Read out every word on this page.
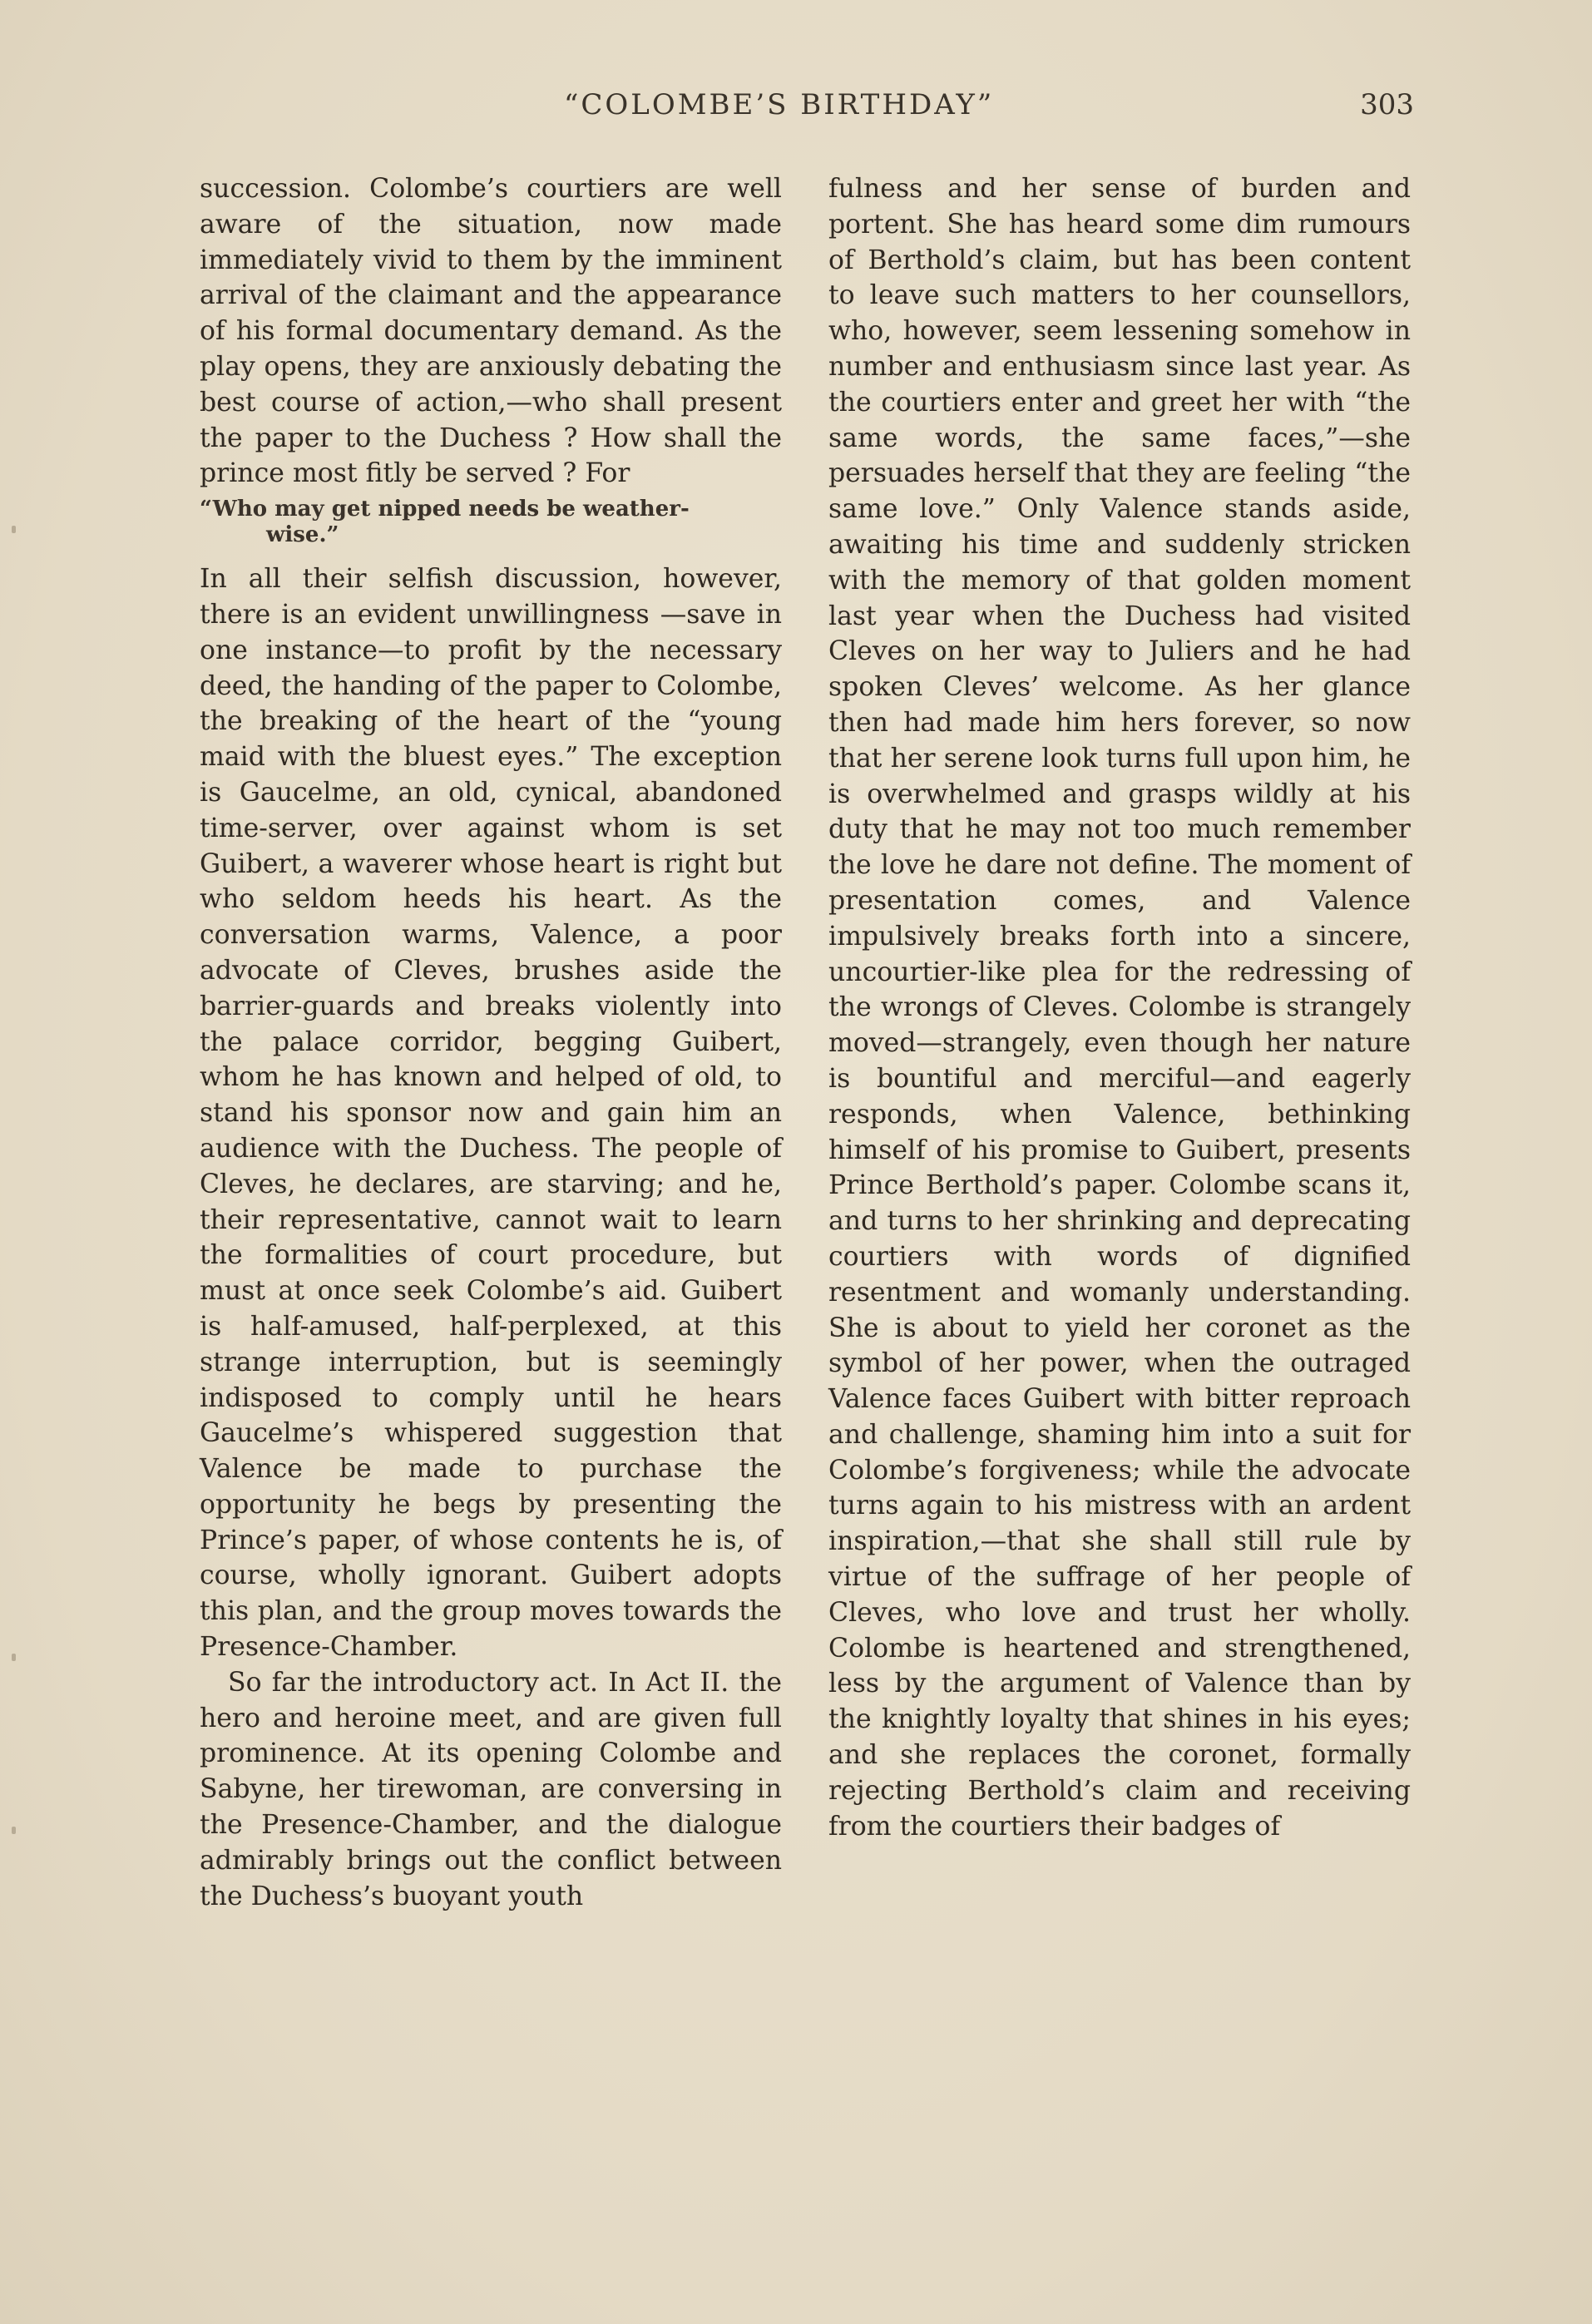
“COLOMBE’S BIRTHDAY”	303

succession. Colombe’s courtiers are well aware of the situation, now made immediately vivid to them by the imminent arrival of the claimant and the appearance of his formal documentary demand. As the play opens, they are anxiously debating the best course of action,—who shall present the paper to the Duchess ? How shall the prince most fitly be served ? For

“Who may get nipped needs be weather-
wise.”

In all their selfish discussion, however, there is an evident unwillingness —save in one instance—to profit by the necessary deed, the handing of the paper to Colombe, the breaking of the heart of the “young maid with the bluest eyes.” The exception is Gaucelme, an old, cynical, abandoned time-server, over against whom is set Guibert, a waverer whose heart is right but who seldom heeds his heart. As the conversation warms, Valence, a poor advocate of Cleves, brushes aside the barrier-guards and breaks violently into the palace corridor, begging Guibert, whom he has known and helped of old, to stand his sponsor now and gain him an audience with the Duchess. The people of Cleves, he declares, are starving; and he, their representative, cannot wait to learn the formalities of court procedure, but must at once seek Colombe’s aid. Guibert is half-amused, half-perplexed, at this strange interruption, but is seemingly indisposed to comply until he hears Gaucelme’s whispered suggestion that Valence be made to purchase the opportunity he begs by presenting the Prince’s paper, of whose contents he is, of course, wholly ignorant. Guibert adopts this plan, and the group moves towards the Presence-Chamber.

So far the introductory act. In Act II. the hero and heroine meet, and are given full prominence. At its opening Colombe and Sabyne, her tirewoman, are conversing in the Presence-Chamber, and the dialogue admirably brings out the conflict between the Duchess’s buoyant youth

fulness and her sense of burden and portent. She has heard some dim rumours of Berthold’s claim, but has been content to leave such matters to her counsellors, who, however, seem lessening somehow in number and enthusiasm since last year. As the courtiers enter and greet her with “the same words, the same faces,”—she persuades herself that they are feeling “the same love.” Only Valence stands aside, awaiting his time and suddenly stricken with the memory of that golden moment last year when the Duchess had visited Cleves on her way to Juliers and he had spoken Cleves’ welcome. As her glance then had made him hers forever, so now that her serene look turns full upon him, he is overwhelmed and grasps wildly at his duty that he may not too much remember the love he dare not define. The moment of presentation comes, and Valence impulsively breaks forth into a sincere, uncourtier-like plea for the redressing of the wrongs of Cleves. Colombe is strangely moved—strangely, even though her nature is bountiful and merciful—and eagerly responds, when Valence, bethinking himself of his promise to Guibert, presents Prince Berthold’s paper. Colombe scans it, and turns to her shrinking and deprecating courtiers with words of dignified resentment and womanly understanding. She is about to yield her coronet as the symbol of her power, when the outraged Valence faces Guibert with bitter reproach and challenge, shaming him into a suit for Colombe’s forgiveness; while the advocate turns again to his mistress with an ardent inspiration,—that she shall still rule by virtue of the suffrage of her people of Cleves, who love and trust her wholly. Colombe is heartened and strengthened, less by the argument of Valence than by the knightly loyalty that shines in his eyes; and she replaces the coronet, formally rejecting Berthold’s claim and receiving from the courtiers their badges of
